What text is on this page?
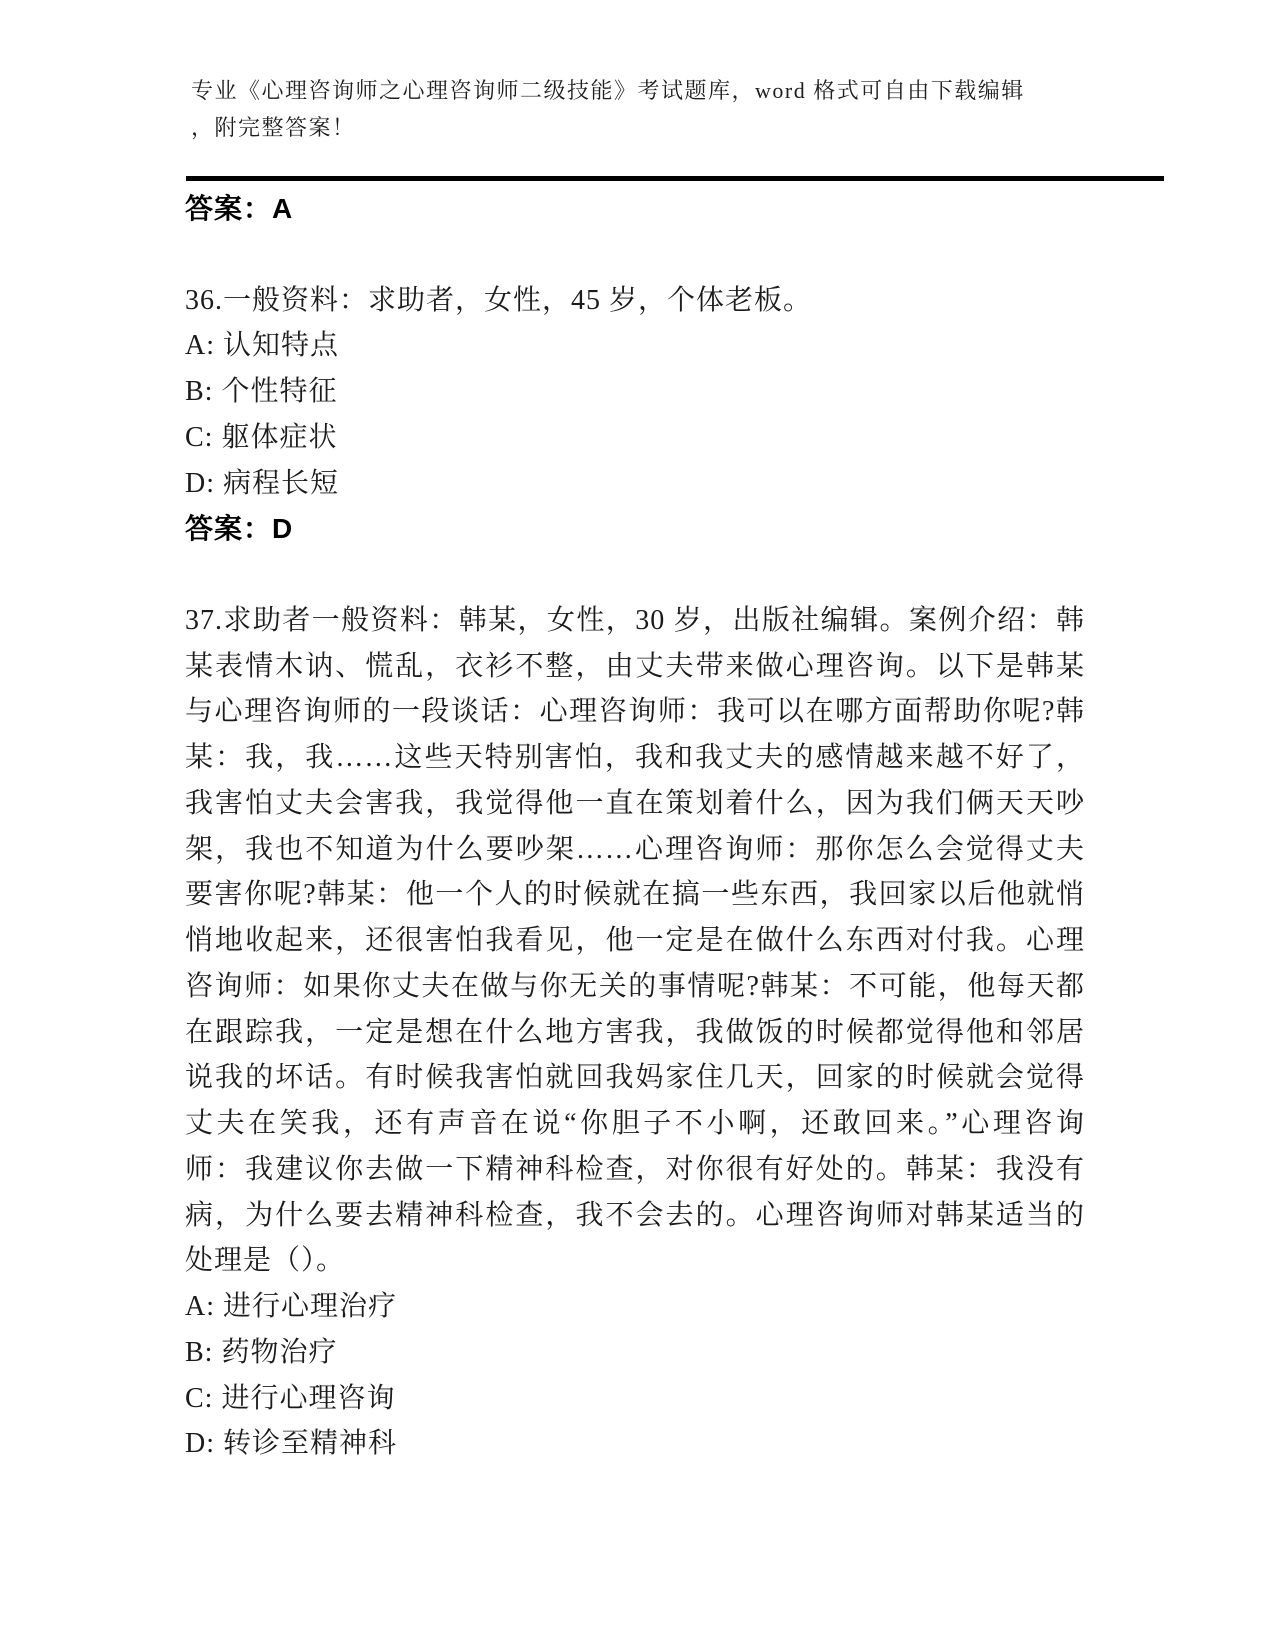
专业《心理咨询师之心理咨询师二级技能》考试题库，word 格式可自由下载编辑
，附完整答案！
答案：A
36.一般资料：求助者，女性，45 岁，个体老板。
A: 认知特点
B: 个性特征
C: 躯体症状
D: 病程长短
答案：D
37.求助者一般资料：韩某，女性，30 岁，出版社编辑。案例介绍：韩
某表情木讷、慌乱，衣衫不整，由丈夫带来做心理咨询。以下是韩某
与心理咨询师的一段谈话：心理咨询师：我可以在哪方面帮助你呢?韩
某：我，我……这些天特别害怕，我和我丈夫的感情越来越不好了，
我害怕丈夫会害我，我觉得他一直在策划着什么，因为我们俩天天吵
架，我也不知道为什么要吵架……心理咨询师：那你怎么会觉得丈夫
要害你呢?韩某：他一个人的时候就在搞一些东西，我回家以后他就悄
悄地收起来，还很害怕我看见，他一定是在做什么东西对付我。心理
咨询师：如果你丈夫在做与你无关的事情呢?韩某：不可能，他每天都
在跟踪我，一定是想在什么地方害我，我做饭的时候都觉得他和邻居
说我的坏话。有时候我害怕就回我妈家住几天，回家的时候就会觉得
丈夫在笑我，还有声音在说“你胆子不小啊，还敢回来。”心理咨询
师：我建议你去做一下精神科检查，对你很有好处的。韩某：我没有
病，为什么要去精神科检查，我不会去的。心理咨询师对韩某适当的
处理是（）。
A: 进行心理治疗
B: 药物治疗
C: 进行心理咨询
D: 转诊至精神科
